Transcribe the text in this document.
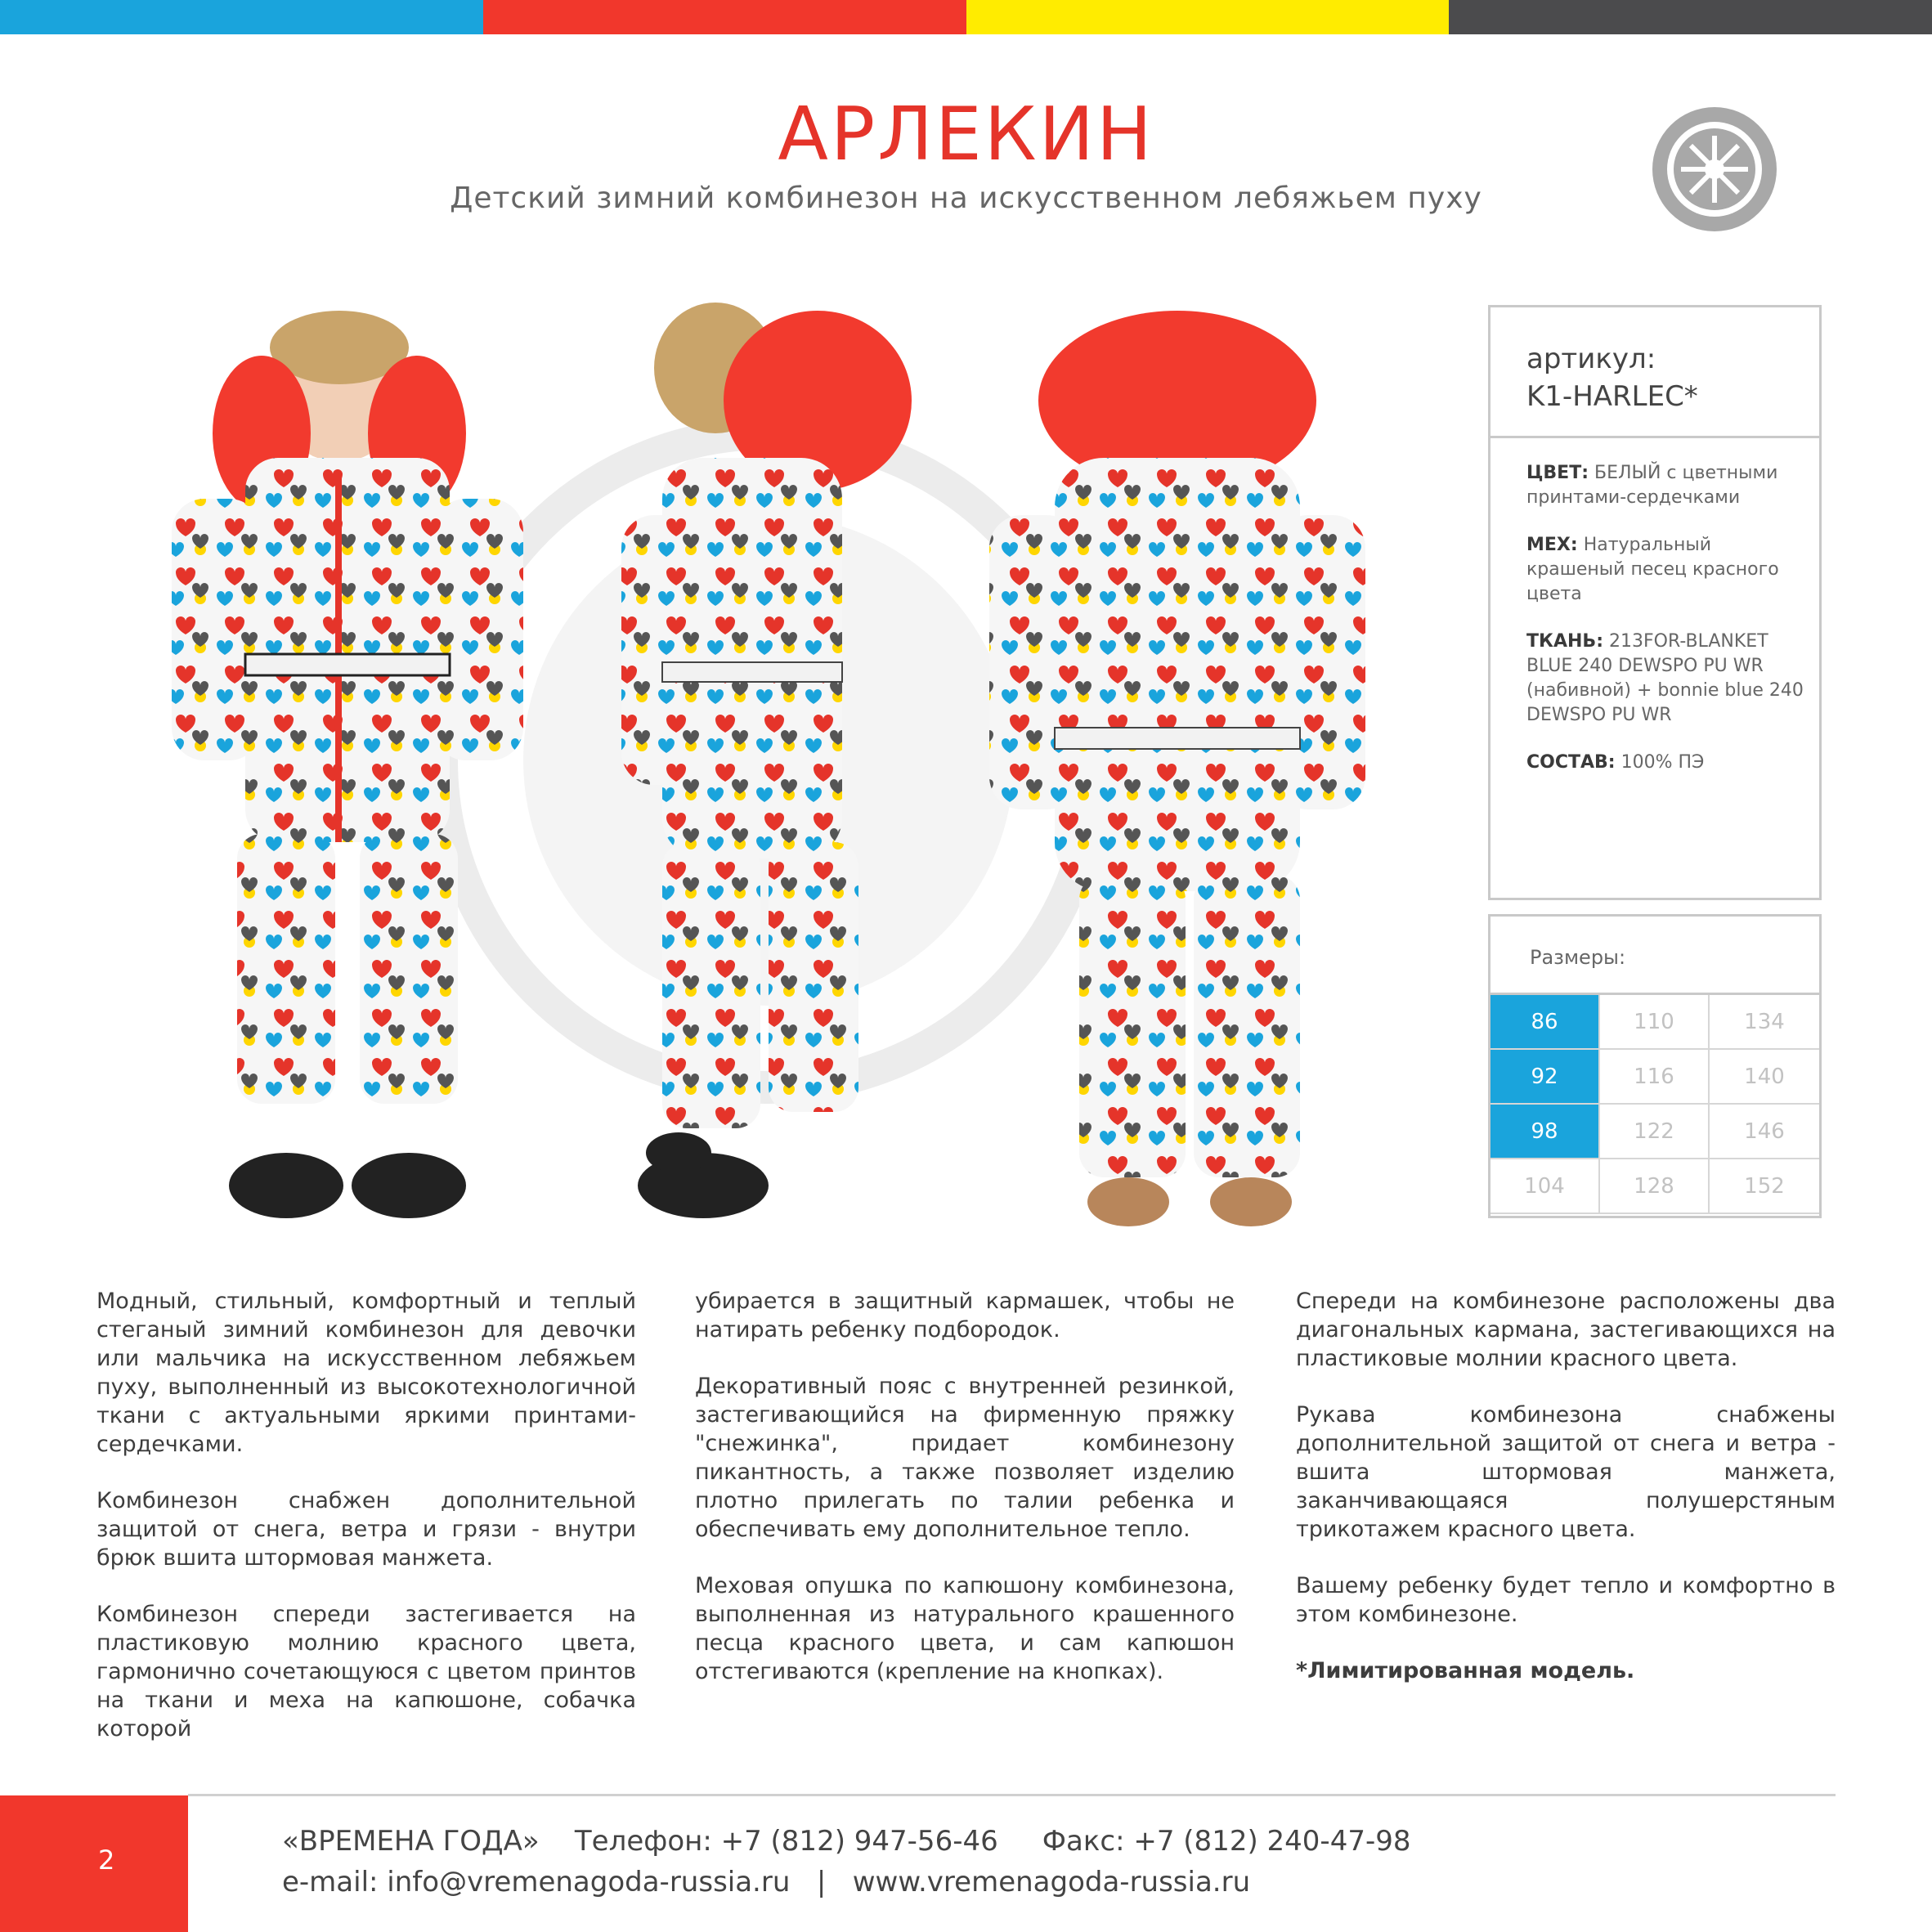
АРЛЕКИН
Детский зимний комбинезон на искусственном лебяжьем пуху
артикул:
K1-HARLEC*
ЦВЕТ: БЕЛЫЙ с цветными принтами-сердечками
МЕХ: Натуральный крашеный песец красного цвета
ТКАНЬ: 213FOR-BLANKET BLUE 240 DEWSPO PU WR (набивной) + bonnie blue 240 DEWSPO PU WR
СОСТАВ: 100% ПЭ
Размеры:
86	110	134
92	116	140
98	122	146
104	128	152

Модный, стильный, комфортный и теплый стеганый зимний комбинезон для девочки или мальчика на искусственном лебяжьем пуху, выполненный из высокотехнологичной ткани с актуальными яркими принтами-сердечками.

Комбинезон снабжен дополнительной защитой от снега, ветра и грязи - внутри брюк вшита штормовая манжета.

Комбинезон спереди застегивается на пластиковую молнию красного цвета, гармонично сочетающуюся с цветом принтов на ткани и меха на капюшоне, собачка которой

убирается в защитный кармашек, чтобы не натирать ребенку подбородок.

Декоративный пояс с внутренней резинкой, застегивающийся на фирменную пряжку "снежинка", придает комбинезону пикантность, а также позволяет изделию плотно прилегать по талии ребенка и обеспечивать ему дополнительное тепло.

Меховая опушка по капюшону комбинезона, выполненная из натурального крашенного песца красного цвета, и сам капюшон отстегиваются (крепление на кнопках).

Спереди на комбинезоне расположены два диагональных кармана, застегивающихся на пластиковые молнии красного цвета.

Рукава комбинезона снабжены дополнительной защитой от снега и ветра - вшита штормовая манжета, заканчивающаяся полушерстяным трикотажем красного цвета.

Вашему ребенку будет тепло и комфортно в этом комбинезоне.

*Лимитированная модель.

2
«ВРЕМЕНА ГОДА»    Телефон: +7 (812) 947-56-46     Факс: +7 (812) 240-47-98
e-mail: info@vremenagoda-russia.ru   |   www.vremenagoda-russia.ru
